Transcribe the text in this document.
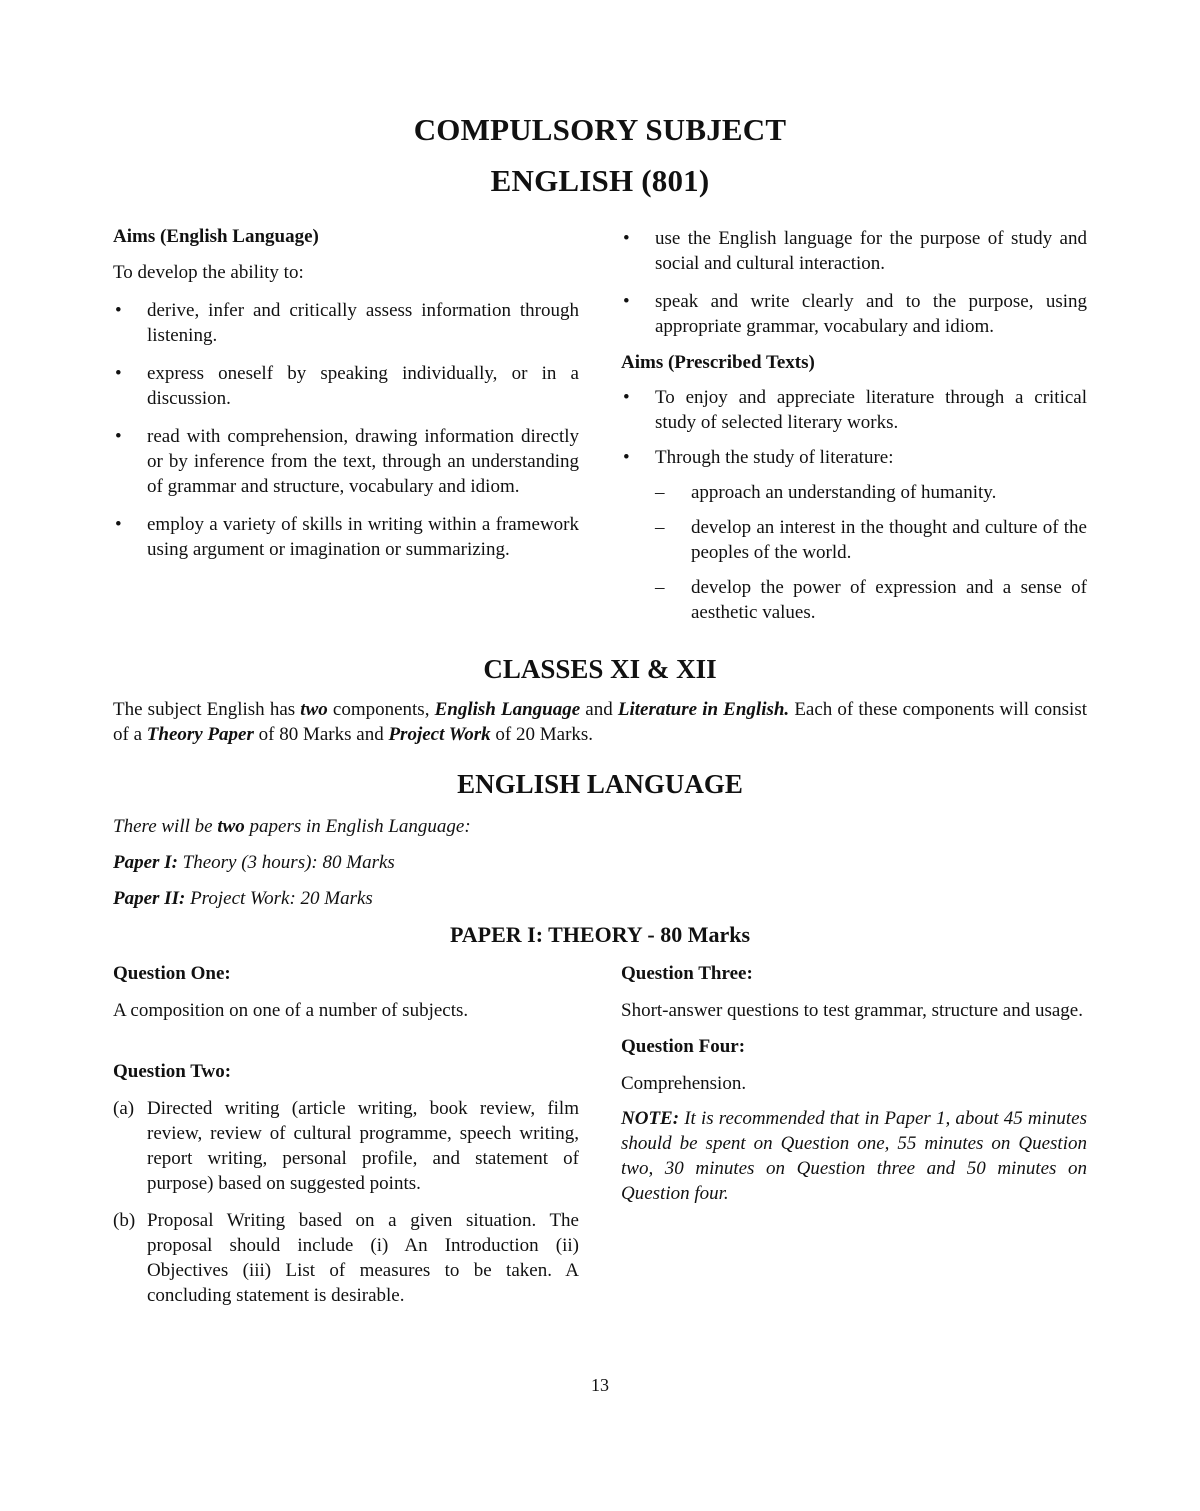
COMPULSORY SUBJECT
ENGLISH (801)

Aims (English Language)

To develop the ability to:

• derive, infer and critically assess information through listening.
• express oneself by speaking individually, or in a discussion.
• read with comprehension, drawing information directly or by inference from the text, through an understanding of grammar and structure, vocabulary and idiom.
• employ a variety of skills in writing within a framework using argument or imagination or summarizing.
• use the English language for the purpose of study and social and cultural interaction.
• speak and write clearly and to the purpose, using appropriate grammar, vocabulary and idiom.

Aims (Prescribed Texts)

• To enjoy and appreciate literature through a critical study of selected literary works.
• Through the study of literature:
– approach an understanding of humanity.
– develop an interest in the thought and culture of the peoples of the world.
– develop the power of expression and a sense of aesthetic values.
CLASSES XI & XII

The subject English has two components, English Language and Literature in English. Each of these components will consist of a Theory Paper of 80 Marks and Project Work of 20 Marks.

ENGLISH LANGUAGE

There will be two papers in English Language:

Paper I: Theory (3 hours): 80 Marks

Paper II: Project Work: 20 Marks

PAPER I: THEORY - 80 Marks

Question One:

A composition on one of a number of subjects.

Question Two:

(a) Directed writing (article writing, book review, film review, review of cultural programme, speech writing, report writing, personal profile, and statement of purpose) based on suggested points.
(b) Proposal Writing based on a given situation. The proposal should include (i) An Introduction (ii) Objectives (iii) List of measures to be taken. A concluding statement is desirable.

Question Three:

Short-answer questions to test grammar, structure and usage.

Question Four:

Comprehension.

NOTE: It is recommended that in Paper 1, about 45 minutes should be spent on Question one, 55 minutes on Question two, 30 minutes on Question three and 50 minutes on Question four.

13
